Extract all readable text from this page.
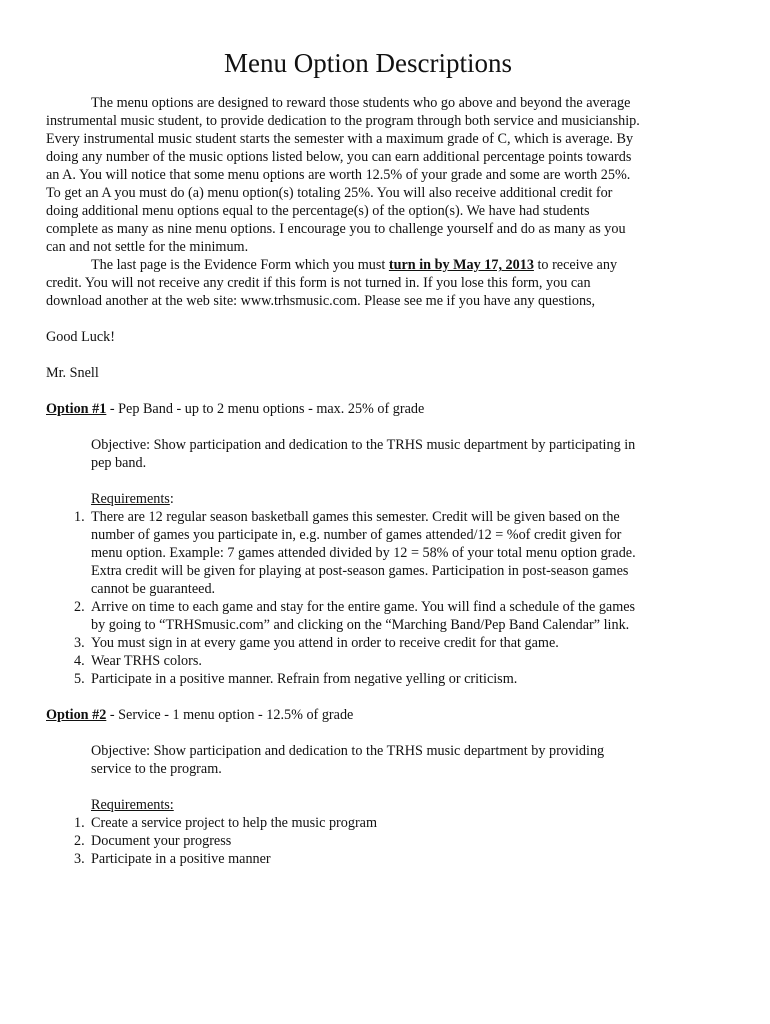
Menu Option Descriptions
The menu options are designed to reward those students who go above and beyond the average
instrumental music student, to provide dedication to the program through both service and musicianship.
Every instrumental music student starts the semester with a maximum grade of C, which is average. By
doing any number of the music options listed below, you can earn additional percentage points towards
an A. You will notice that some menu options are worth 12.5% of your grade and some are worth 25%.
To get an A you must do (a) menu option(s) totaling 25%. You will also receive additional credit for
doing additional menu options equal to the percentage(s) of the option(s). We have had students
complete as many as nine menu options. I encourage you to challenge yourself and do as many as you
can and not settle for the minimum.
The last page is the Evidence Form which you must turn in by May 17, 2013 to receive any
credit. You will not receive any credit if this form is not turned in. If you lose this form, you can
download another at the web site: www.trhsmusic.com. Please see me if you have any questions,
Good Luck!
Mr. Snell
Option #1 - Pep Band - up to 2 menu options - max. 25% of grade
Objective: Show participation and dedication to the TRHS music department by participating in
pep band.
Requirements:
1. There are 12 regular season basketball games this semester. Credit will be given based on the
number of games you participate in, e.g. number of games attended/12 = %of credit given for
menu option. Example: 7 games attended divided by 12 = 58% of your total menu option grade.
Extra credit will be given for playing at post-season games. Participation in post-season games
cannot be guaranteed.
2. Arrive on time to each game and stay for the entire game. You will find a schedule of the games
by going to “TRHSmusic.com” and clicking on the “Marching Band/Pep Band Calendar” link.
3. You must sign in at every game you attend in order to receive credit for that game.
4. Wear TRHS colors.
5. Participate in a positive manner. Refrain from negative yelling or criticism.
Option #2 - Service - 1 menu option - 12.5% of grade
Objective: Show participation and dedication to the TRHS music department by providing
service to the program.
Requirements:
1. Create a service project to help the music program
2. Document your progress
3. Participate in a positive manner
